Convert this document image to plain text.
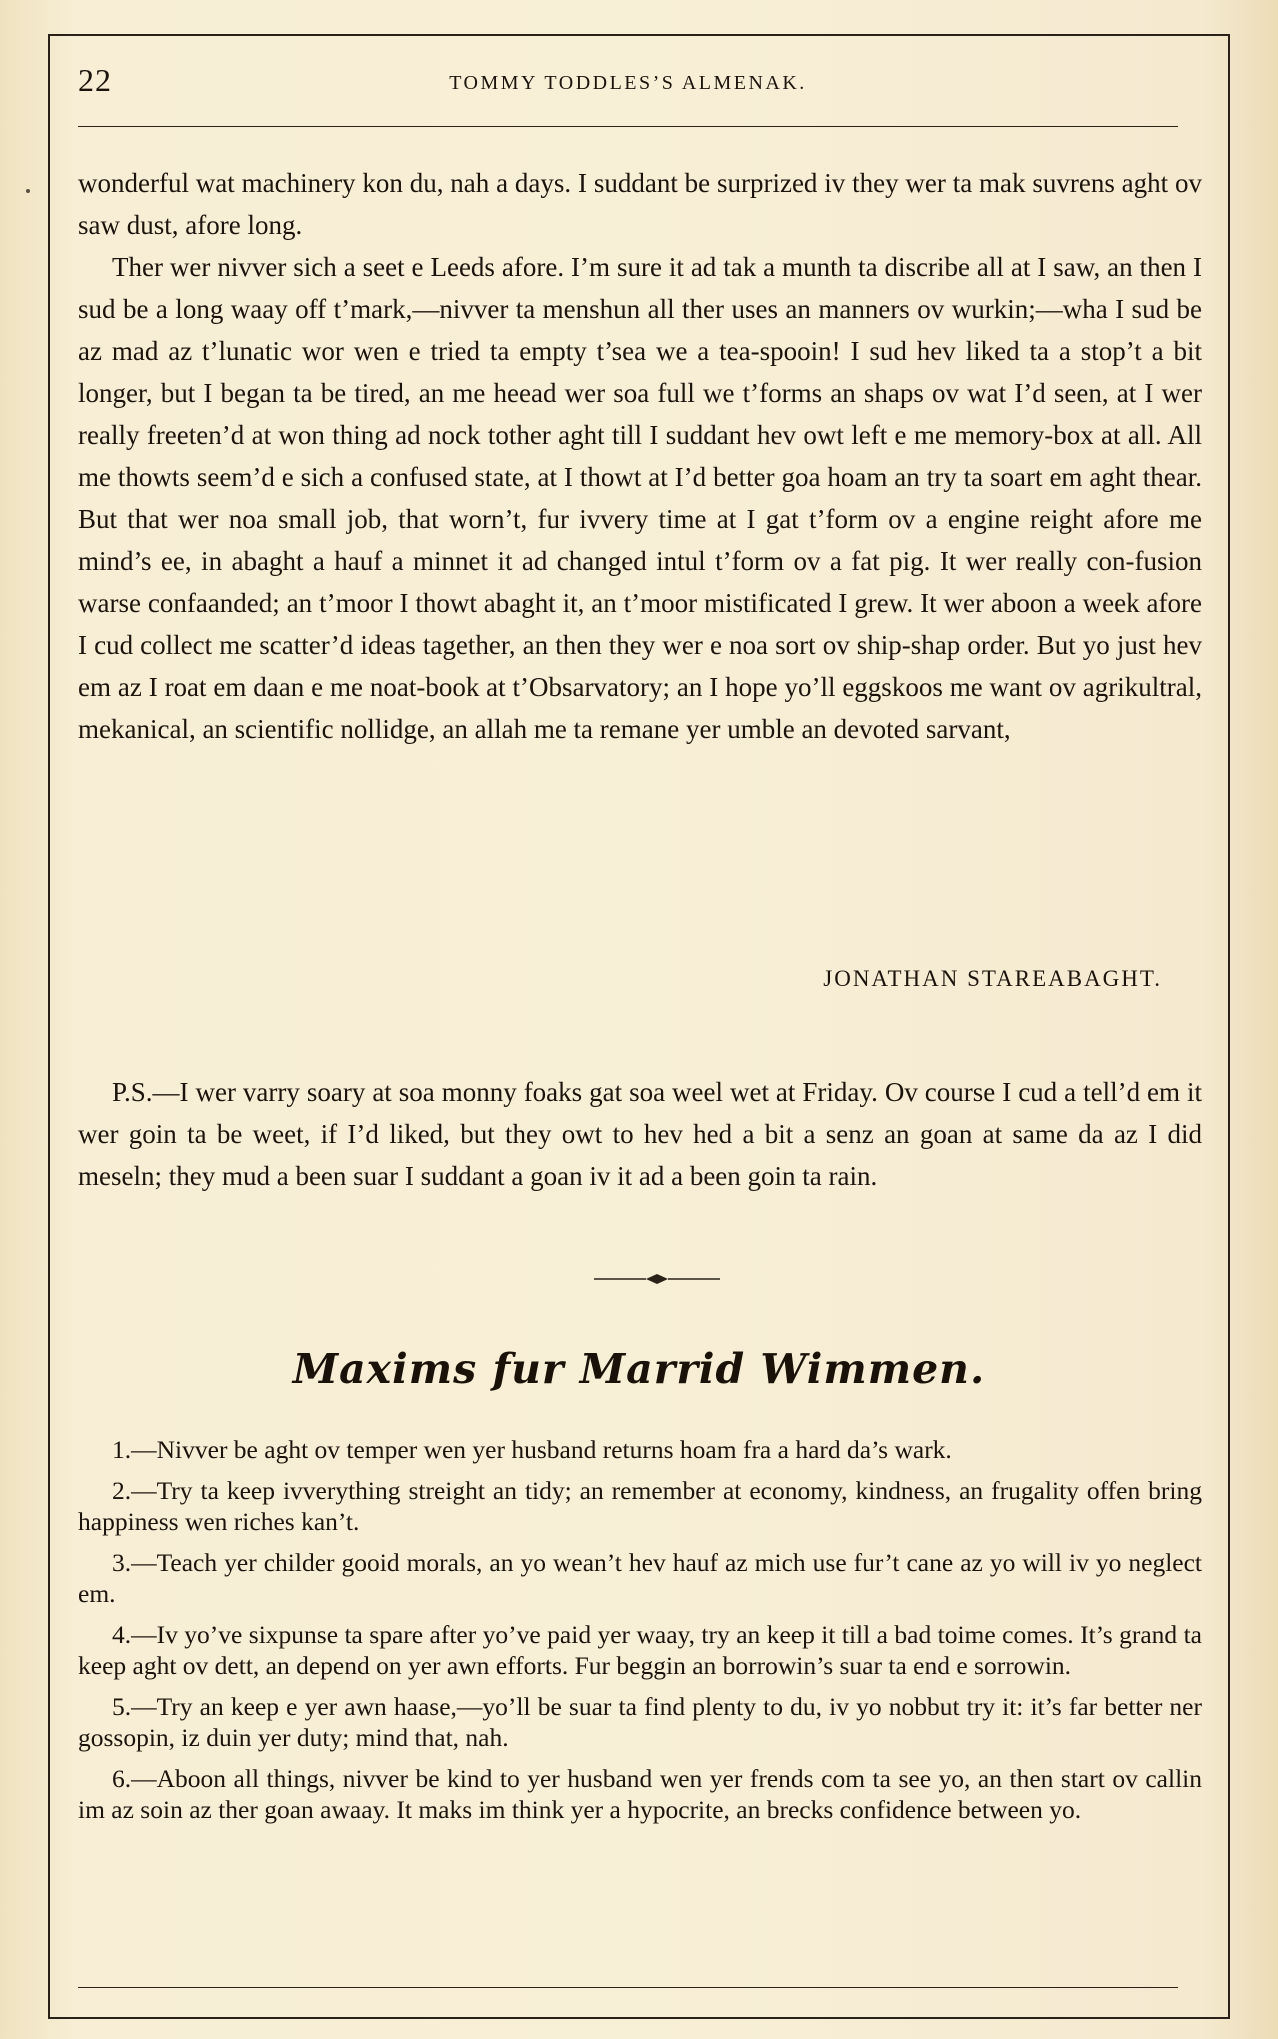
22	TOMMY TODDLES’S ALMENAK.

wonderful wat machinery kon du, nah a days. I suddant be surprized iv they wer ta mak suvrens aght ov saw dust, afore long.

Ther wer nivver sich a seet e Leeds afore. I’m sure it ad tak a munth ta discribe all at I saw, an then I sud be a long waay off t’mark,—nivver ta menshun all ther uses an manners ov wurkin;—wha I sud be az mad az t’lunatic wor wen e tried ta empty t’sea we a tea-spooin! I sud hev liked ta a stop’t a bit longer, but I began ta be tired, an me heead wer soa full we t’forms an shaps ov wat I’d seen, at I wer really freeten’d at won thing ad nock tother aght till I suddant hev owt left e me memory-box at all. All me thowts seem’d e sich a confused state, at I thowt at I’d better goa hoam an try ta soart em aght thear. But that wer noa small job, that worn’t, fur ivvery time at I gat t’form ov a engine reight afore me mind’s ee, in abaght a hauf a minnet it ad changed intul t’form ov a fat pig. It wer really con-fusion warse confaanded; an t’moor I thowt abaght it, an t’moor mistificated I grew. It wer aboon a week afore I cud collect me scatter’d ideas tagether, an then they wer e noa sort ov ship-shap order. But yo just hev em az I roat em daan e me noat-book at t’Obsarvatory; an I hope yo’ll eggskoos me want ov agrikultral, mekanical, an scientific nollidge, an allah me ta remane yer umble an devoted sarvant,

JONATHAN STAREABAGHT.

P.S.—I wer varry soary at soa monny foaks gat soa weel wet at Friday. Ov course I cud a tell’d em it wer goin ta be weet, if I’d liked, but they owt to hev hed a bit a senz an goan at same da az I did meseln; they mud a been suar I suddant a goan iv it ad a been goin ta rain.

Maxims fur Marrid Wimmen.
1.—Nivver be aght ov temper wen yer husband returns hoam fra a hard da’s wark.
2.—Try ta keep ivverything streight an tidy; an remember at economy, kindness, an frugality offen bring happiness wen riches kan’t.
3.—Teach yer childer gooid morals, an yo wean’t hev hauf az mich use fur’t cane az yo will iv yo neglect em.
4.—Iv yo’ve sixpunse ta spare after yo’ve paid yer waay, try an keep it till a bad toime comes. It’s grand ta keep aght ov dett, an depend on yer awn efforts. Fur beggin an borrowin’s suar ta end e sorrowin.
5.—Try an keep e yer awn haase,—yo’ll be suar ta find plenty to du, iv yo nobbut try it: it’s far better ner gossopin, iz duin yer duty; mind that, nah.
6.—Aboon all things, nivver be kind to yer husband wen yer frends com ta see yo, an then start ov callin im az soin az ther goan awaay. It maks im think yer a hypocrite, an brecks confidence between yo.
